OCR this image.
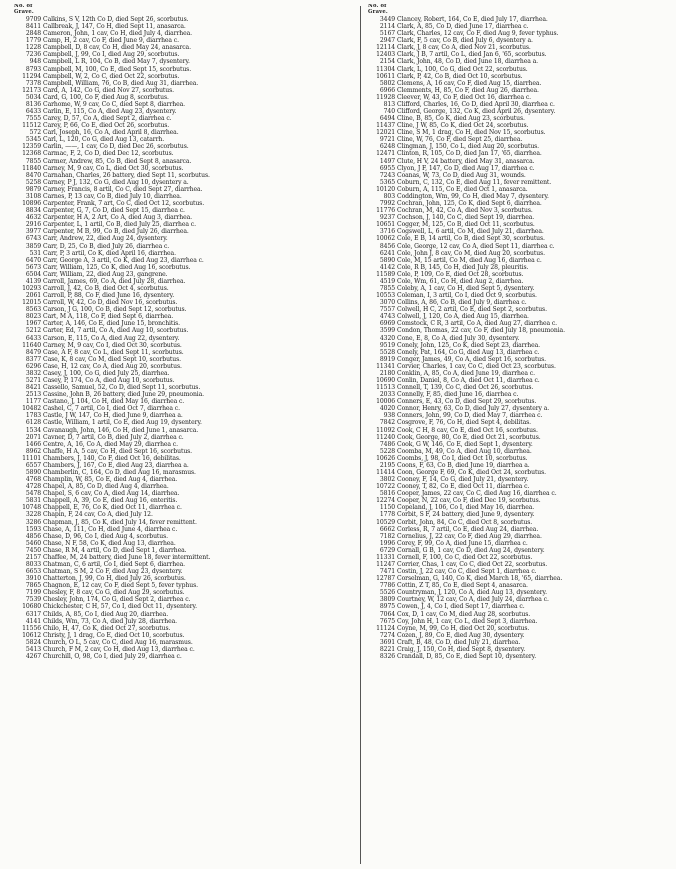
No. of
Grave.
9709 Calkins, S V, 12th Co D, died Sept 26, scorbutus.
8411 Callbreak, J, 147, Co H, died Sept 11, anasarca.
2848 Cameron, John, 1 cav, Co H, died July 4, diarrhea.
1779 Camp, H, 2 cav, Co F, died June 9, diarrhea c.
1228 Campbell, D, 8 cav, Co H, died May 24, anasarca.
7236 Campbell, J, 99, Co I, died Aug 29, scorbutus.
948 Campbell, L R, 104, Co B, died May 7, dysentery.
8793 Campbell, M, 100, Co E, died Sept 15, scorbutus.
11294 Campbell, W, 2, Co C, died Oct 22, scorbutus.
7378 Campbell, William, 76, Co B, died Aug 31, diarrhea.
12173 Card, A, 142, Co G, died Nov 27, scorbutus.
5034 Card, G, 100, Co F, died Aug 8, scorbutus.
8136 Carhome, W, 9 cav, Co C, died Sept 8, diarrhea.
6433 Carlin, E, 115, Co A, died Aug 23, dysentery.
7555 Carey, D, 57, Co A, died Sept 2, diarrhea c.
11512 Carey, P, 66, Co E, died Oct 26, scorbutus.
572 Carl, Joseph, 16, Co A, died April 8, diarrhea.
5345 Carl, L, 120, Co G, died Aug 13, catarrh.
12359 Carlin, ——, 1 cav, Co D, died Dec 26, scorbutus.
12368 Carmac, F, 2, Co D, died Dec 12, scorbutus.
7855 Carmer, Andrew, 85, Co B, died Sept 8, anasarca.
11840 Carney, M, 9 cav, Co L, died Oct 30, scorbutus.
8470 Carnahan, Charles, 26 battery, died Sept 11, scorbutus.
5258 Carney, P J, 132, Co G, died Aug 10, dysentery a.
9879 Carney, Francis, 8 artil, Co C, died Sept 27, diarrhea.
3108 Carnes, P, 13 cav, Co B, died July 10, diarrhea.
10896 Carpenter, Frank, 7 art, Co C, died Oct 12, scorbutus.
8834 Carpenter, G, 7, Co D, died Sept 15, diarrhea c.
4632 Carpenter, H A, 2 Art, Co A, died Aug 3, diarrhea.
2916 Carpenter, L, 1 artil, Co B, died July 25, diarrhea c.
3977 Carpenter, M B, 99, Co B, died July 26, diarrhea.
6743 Carr, Andrew, 22, died Aug 24, dysentery.
3859 Carr, D, 25, Co B, died July 26, diarrhea c.
531 Carr, P, 3 artil, Co K, died April 16, diarrhea.
6470 Carr, George A, 3 artil, Co K, died Aug 23, diarrhea c.
5673 Carr, William, 125, Co K, died Aug 16, scorbutus.
6504 Carr, William, 22, died Aug 23, gangrene.
4139 Carroll, James, 69, Co A, died July 28, diarrhea.
10293 Carroll, J, 42, Co B, died Oct 4, scorbutus.
2061 Carroll, P, 88, Co F, died June 16, dysentery.
12015 Carroll, W, 42, Co D, died Nov 16, scorbutus.
8563 Carson, J G, 100, Co B, died Sept 12, scorbutus.
8023 Cart, M A, 118, Co F, died Sept 6, diarrhea.
1967 Carter, A, 146, Co E, died June 15, bronchitis.
5212 Carter, Ed, 7 artil, Co A, died Aug 10, scorbutus.
6433 Carson, E, 115, Co A, died Aug 22, dysentery.
11640 Carney, M, 9 cav, Co I, died Oct 30, scorbutus.
8479 Case, A F, 8 cav, Co L, died Sept 11, scorbutus.
8377 Case, K, 8 cav, Co M, died Sept 10, scorbutus.
6296 Case, H, 12 cav, Co A, died Aug 20, scorbutus.
3832 Casey, J, 100, Co G, died July 25, diarrhea.
5271 Casey, P, 174, Co A, died Aug 10, scorbutus.
8421 Cassello, Samuel, 52, Co D, died Sept 11, scorbutus.
2513 Cassine, John B, 26 battery, died June 29, pneumonia.
1177 Castano, J, 104, Co H, died May 16, diarrhea c.
10482 Cashel, C, 7 artil, Co I, died Oct 7, diarrhea c.
1783 Castle, J W, 147, Co H, died June 9, diarrhea a.
6128 Castle, William, 1 artil, Co E, died Aug 19, dysentery.
1534 Cavanaugh, John, 146, Co H, died June 1, anasarca.
2071 Cavner, D, 7 artil, Co B, died July 2, diarrhea c.
1466 Centre, A, 16, Co A, died May 29, diarrhea c.
8962 Chaffe, H A, 5 cav, Co H, died Sept 16, scorbutus.
11101 Chambers, J, 140, Co F, died Oct 16, debilitas.
6557 Chambers, J, 167, Co E, died Aug 23, diarrhea a.
5890 Chamberlin, C, 164, Co D, died Aug 16, marasmus.
4768 Champlin, W, 85, Co E, died Aug 4, diarrhea.
4728 Chapel, A, 85, Co D, died Aug 4, diarrhea.
5478 Chapel, S, 6 cav, Co A, died Aug 14, diarrhea.
5831 Chappell, A, 39, Co E, died Aug 16, enteritis.
10748 Chappell, E, 76, Co K, died Oct 11, diarrhea c.
3228 Chapin, F, 24 cav, Co A, died July 12.
3286 Chapman, J, 85, Co K, died July 14, fever remittent.
1593 Chase, A, 111, Co H, died June 4, diarrhea c.
4856 Chase, D, 96, Co I, died Aug 4, scorbutus.
5460 Chase, N F, 58, Co K, died Aug 13, diarrhea.
7450 Chase, R M, 4 artil, Co D, died Sept 1, diarrhea.
2157 Chaffee, M, 24 battery, died June 18, fever intermittent.
8033 Chatman, C, 6 artil, Co I, died Sept 6, diarrhea.
6653 Chatman, S M, 2 Co F, died Aug 23, dysentery.
3910 Chatterton, J, 99, Co H, died July 26, scorbutus.
7865 Chagnon, E, 12 cav, Co F, died Sept 5, fever typhus.
7199 Chesley, F, 8 cav, Co G, died Aug 29, scorbutus.
7539 Chesley, John, 174, Co G, died Sept 2, diarrhea c.
10680 Chickchester, C H, 57, Co I, died Oct 11, dysentery.
6317 Childs, A, 85, Co I, died Aug 20, diarrhea.
4141 Childs, Wm, 73, Co A, died July 28, diarrhea.
11556 Chilo, H, 47, Co K, died Oct 27, scorbutus.
10612 Christy, J, 1 drag, Co E, died Oct 10, scorbutus.
5824 Church, O L, 5 cav, Co C, died Aug 16, marasmus.
5413 Church, F M, 2 cav, Co H, died Aug 13, diarrhea c.
4267 Churchill, O, 98, Co I, died July 29, diarrhea c.
No. of
Grave.
3449 Clancey, Robert, 164, Co E, died July 17, diarrhea.
2114 Clark, A, 85, Co D, died June 17, diarrhea c.
5167 Clark, Charles, 12 cav, Co F, died Aug 9, fever typhus.
2947 Clark, F, 5 cav, Co B, died July 6, dysentery a.
12114 Clark, J, 8 cav, Co A, died Nov 21, scorbutus.
12403 Clark, J B, 7 artil, Co L, died Jan 6, '65, scorbutus.
2154 Clark, John, 48, Co D, died June 18, diarrhea a.
11304 Clark, L, 100, Co G, died Oct 22, scorbutus.
10611 Clark, P, 42, Co B, died Oct 10, scorbutus.
5802 Clemens, A, 16 cav, Co F, died Aug 15, diarrhea.
6966 Clemments, H, 85, Co F, died Aug 26, diarrhea.
11928 Cleever, W, 43, Co F, died Oct 16, diarrhea c.
813 Clifford, Charles, 16, Co D, died April 30, diarrhea c.
740 Clifford, George, 132, Co K, died April 26, dysentery.
6494 Cline, B, 85, Co K, died Aug 23, scorbutus.
11437 Cline, J W, 85, Co K, died Oct 24, scorbutus.
12021 Cline, S M, 1 drag, Co H, died Nov 15, scorbutus.
9721 Cline, W, 76, Co F, died Sept 25, diarrhea.
6248 Clingman, J, 150, Co L, died Aug 20, scorbutus.
12471 Clinton, R, 105, Co D, died Jan 17, '65, diarrhea.
1497 Clute, H V, 24 battery, died May 31, anasarca.
6955 Clyon, J F, 147, Co D, died Aug 17, diarrhea c.
7243 Coanas, W, 73, Co D, died Aug 31, wounds.
5365 Coburn, C, 132, Co E, died Aug 11, fever remittent.
10120 Coburn, A, 115, Co E, died Oct 1, anasarca.
803 Coddington, Wm, 99, Co H, died May 7, dysentery.
7992 Cochran, John, 125, Co K, died Sept 6, diarrhea.
11776 Cochran, M, 42, Co A, died Nov 3, scorbutus.
9237 Cochson, J, 140, Co C, died Sept 19, diarrhea.
10651 Cogger, M, 125, Co B, died Oct 11, scorbutus.
3716 Cogswell, L, 6 artil, Co M, died July 21, diarrhea.
10062 Cole, E B, 14 artil, Co B, died Sept 30, scorbutus.
8456 Cole, George, 12 cav, Co A, died Sept 11, diarrhea c.
6241 Cole, John J, 8 cav, Co M, died Aug 20, scorbutus.
5890 Cole, M, 15 artil, Co M, died Aug 16, diarrhea c.
4142 Cole, R B, 145, Co H, died July 28, pleuritis.
11589 Cole, P, 109, Co E, died Oct 28, scorbutus.
4519 Cole, Wm, 61, Co H, died Aug 2, diarrhea.
7855 Coleby, A, 1 cav, Co H, died Sept 5, dysentery.
10553 Coleman, I, 3 artil, Co I, died Oct 9, scorbutus.
3070 Collins, A, 86, Co B, died July 9, diarrhea c.
7557 Colwell, H C, 2 artil, Co E, died Sept 2, scorbutus.
4743 Colwell, J, 120, Co A, died Aug 15, diarrhea.
6969 Comstock, C R, 3 artil, Co A, died Aug 27, diarrhea c.
3599 Condon, Thomas, 22 cav, Co F, died July 18, pneumonia.
4320 Cone, E, 8, Co A, died July 30, dysentery.
9519 Conely, John, 125, Co K, died Sept 23, diarrhea.
5528 Conely, Pat, 164, Co G, died Aug 13, diarrhea c.
8919 Conger, James, 49, Co A, died Sept 16, scorbutus.
11341 Corvier, Charles, 1 cav, Co C, died Oct 23, scorbutus.
2180 Conklin, A, 85, Co A, died June 19, diarrhea c.
10690 Conlin, Daniel, 8, Co A, died Oct 11, diarrhea c.
11513 Connell, T, 139, Co C, died Oct 26, scorbutus.
2033 Connelly, F, 85, died June 16, diarrhea c.
10006 Conners, E, 43, Co D, died Sept 29, scorbutus.
4020 Connor, Henry, 63, Co D, died July 27, dysentery a.
938 Conners, John, 99, Co D, died May 7, diarrhea c.
7842 Cosgrove, F, 76, Co H, died Sept 4, debilitas.
11092 Cook, C H, 8 cav, Co E, died Oct 16, scorbutus.
11240 Cook, George, 80, Co E, died Oct 21, scorbutus.
7486 Cook, G W, 146, Co E, died Sept 1, dysentery.
5228 Coomba, M, 49, Co A, died Aug 10, diarrhea.
10626 Coombs, J, 98, Co I, died Oct 10, scorbutus.
2195 Coons, F, 63, Co B, died June 19, diarrhea a.
11414 Coon, George F, 69, Co K, died Oct 24, scorbutus.
3802 Cooney, F, 14, Co G, died July 21, dysentery.
10722 Cooney, T, 82, Co E, died Oct 11, diarrhea c.
5816 Cooper, James, 22 cav, Co C, died Aug 16, diarrhea c.
12274 Cooper, N, 22 cav, Co F, died Dec 19, scorbutus.
1150 Copeland, J, 106, Co I, died May 16, diarrhea.
1778 Corbit, S F, 24 battery, died June 9, dysentery.
10529 Corbit, John, 84, Co C, died Oct 8, scorbutus.
6662 Corless, R, 7 artil, Co E, died Aug 24, diarrhea.
7182 Cornelius, J, 22 cav, Co F, died Aug 29, diarrhea.
1996 Corey, F, 99, Co A, died June 15, diarrhea c.
6729 Cornall, G B, 1 cav, Co D, died Aug 24, dysentery.
11331 Cornell, F, 100, Co C, died Oct 22, scorbutus.
11247 Corrier, Chas, 1 cav, Co C, died Oct 22, scorbutus.
7471 Costin, J, 22 cav, Co C, died Sept 1, diarrhea c.
12787 Corselman, G, 140, Co K, died March 18, '65, diarrhea.
7786 Cottin, Z T, 85, Co E, died Sept 4, anasarca.
5526 Countryman, J, 120, Co A, died Aug 13, dysentery.
3809 Courtney, W, 12 cav, Co A, died July 24, diarrhea c.
8975 Cowen, J, 4, Co I, died Sept 17, diarrhea c.
7064 Cox, D, 1 cav, Co M, died Aug 28, scorbutus.
7675 Coy, John H, 1 cav, Co L, died Sept 3, diarrhea.
11124 Coyne, M, 99, Co H, died Oct 20, scorbutus.
7274 Cozen, J, 89, Co E, died Aug 30, dysentery.
3691 Craft, B, 48, Co D, died July 21, diarrhea.
8221 Craig, J, 150, Co H, died Sept 8, dysentery.
8326 Crandall, D, 85, Co E, died Sept 10, dysentery.
